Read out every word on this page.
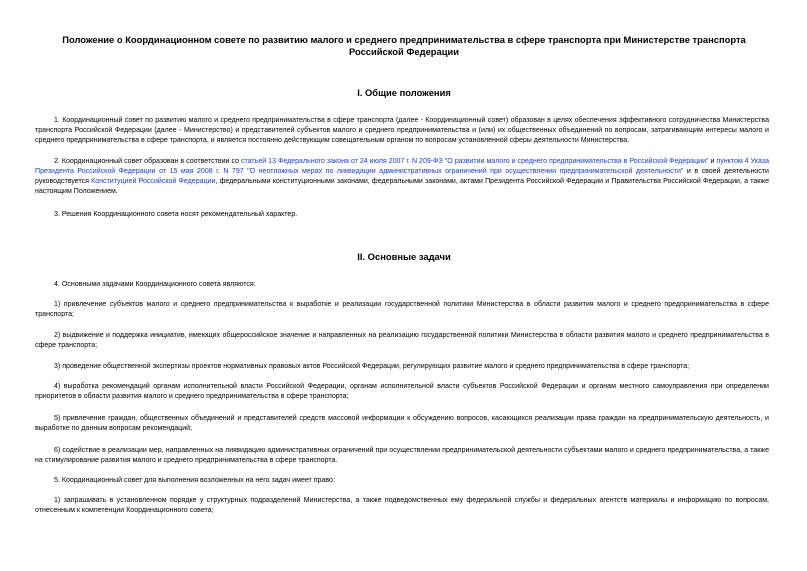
Положение о Координационном совете по развитию малого и среднего предпринимательства в сфере транспорта при Министерстве транспорта Российской Федерации
I. Общие положения
1. Координационный совет по развитию малого и среднего предпринимательства в сфере транспорта (далее - Координационный совет) образован в целях обеспечения эффективного сотрудничества Министерства транспорта Российской Федерации (далее - Министерство) и представителей субъектов малого и среднего предпринимательства и (или) их общественных объединений по вопросам, затрагивающим интересы малого и среднего предпринимательства в сфере транспорта, и является постоянно действующим совещательным органом по вопросам установленной сферы деятельности Министерства.
2. Координационный совет образован в соответствии со статьей 13 Федерального закона от 24 июля 2007 г. N 209-ФЗ "О развитии малого и среднего предпринимательства в Российской Федерации" и пунктом 4 Указа Президента Российской Федерации от 15 мая 2008 г. N 797 "О неотложных мерах по ликвидации административных ограничений при осуществлении предпринимательской деятельности" и в своей деятельности руководствуется Конституцией Российской Федерации, федеральными конституционными законами, федеральными законами, актами Президента Российской Федерации и Правительства Российской Федерации, а также настоящим Положением.
3. Решения Координационного совета носят рекомендательный характер.
II. Основные задачи
4. Основными задачами Координационного совета являются:
1) привлечение субъектов малого и среднего предпринимательства к выработке и реализации государственной политики Министерства в области развития малого и среднего предпринимательства в сфере транспорта;
2) выдвижение и поддержка инициатив, имеющих общероссийское значение и направленных на реализацию государственной политики Министерства в области развития малого и среднего предпринимательства в сфере транспорта;
3) проведение общественной экспертизы проектов нормативных правовых актов Российской Федерации, регулирующих развитие малого и среднего предпринимательства в сфере транспорта;
4) выработка рекомендаций органам исполнительной власти Российской Федерации, органам исполнительной власти субъектов Российской Федерации и органам местного самоуправления при определении приоритетов в области развития малого и среднего предпринимательства в сфере транспорта;
5) привлечение граждан, общественных объединений и представителей средств массовой информации к обсуждению вопросов, касающихся реализации права граждан на предпринимательскую деятельность, и выработке по данным вопросам рекомендаций;
6) содействие в реализации мер, направленных на ликвидацию административных ограничений при осуществлении предпринимательской деятельности субъектами малого и среднего предпринимательства, а также на стимулирование развития малого и среднего предпринимательства в сфере транспорта.
5. Координационный совет для выполнения возложенных на него задач имеет право:
1) запрашивать в установленном порядке у структурных подразделений Министерства, а также подведомственных ему федеральной службы и федеральных агентств материалы и информацию по вопросам, отнесенным к компетенции Координационного совета;
